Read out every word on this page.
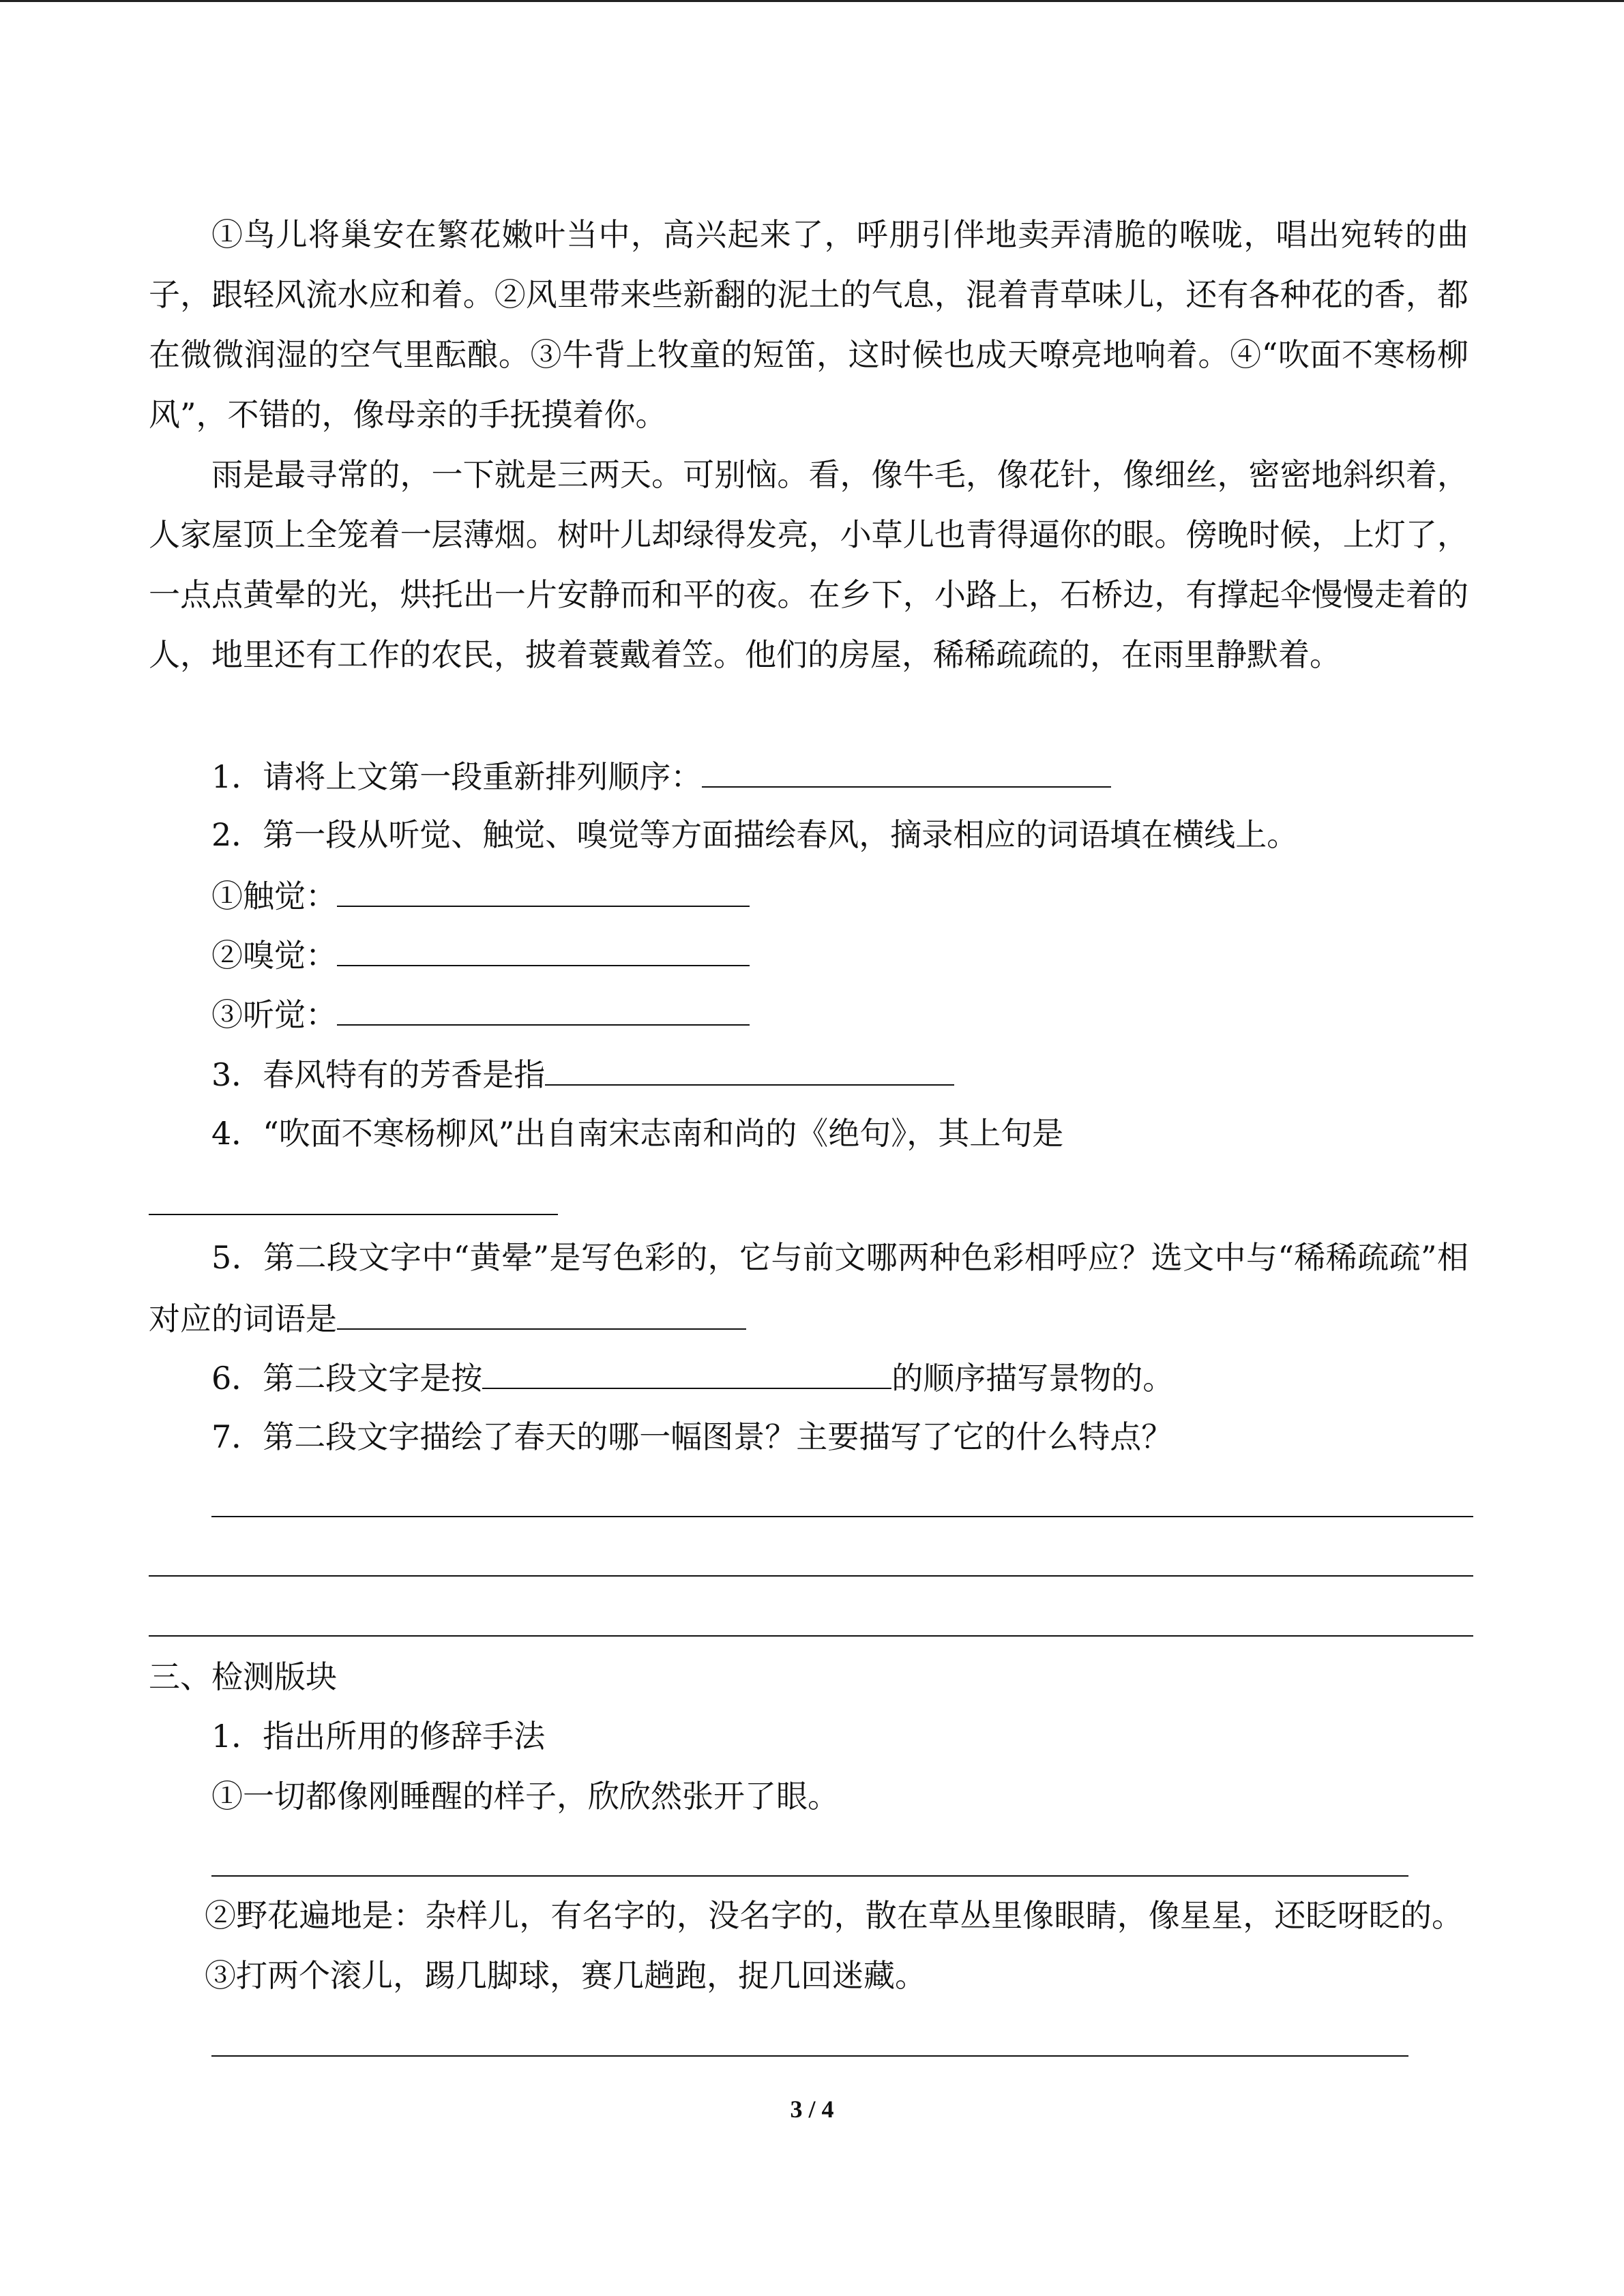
①鸟儿将巢安在繁花嫩叶当中，高兴起来了，呼朋引伴地卖弄清脆的喉咙，唱出宛转的曲子，跟轻风流水应和着。②风里带来些新翻的泥土的气息，混着青草味儿，还有各种花的香，都在微微润湿的空气里酝酿。③牛背上牧童的短笛，这时候也成天嘹亮地响着。④“吹面不寒杨柳风”，不错的，像母亲的手抚摸着你。
雨是最寻常的，一下就是三两天。可别恼。看，像牛毛，像花针，像细丝，密密地斜织着，人家屋顶上全笼着一层薄烟。树叶儿却绿得发亮，小草儿也青得逼你的眼。傍晚时候，上灯了，一点点黄晕的光，烘托出一片安静而和平的夜。在乡下，小路上，石桥边，有撑起伞慢慢走着的人，地里还有工作的农民，披着蓑戴着笠。他们的房屋，稀稀疏疏的，在雨里静默着。
1．请将上文第一段重新排列顺序：
2．第一段从听觉、触觉、嗅觉等方面描绘春风，摘录相应的词语填在横线上。
①触觉：
②嗅觉：
③听觉：
3．春风特有的芳香是指
4．“吹面不寒杨柳风”出自南宋志南和尚的《绝句》，其上句是
5．第二段文字中“黄晕”是写色彩的，它与前文哪两种色彩相呼应？选文中与“稀稀疏疏”相对应的词语是
6．第二段文字是按	的顺序描写景物的。
7．第二段文字描绘了春天的哪一幅图景？主要描写了它的什么特点？
三、检测版块
1．指出所用的修辞手法
①一切都像刚睡醒的样子，欣欣然张开了眼。
②野花遍地是：杂样儿，有名字的，没名字的，散在草丛里像眼睛，像星星，还眨呀眨的。③打两个滚儿，踢几脚球，赛几趟跑，捉几回迷藏。
3 / 4
